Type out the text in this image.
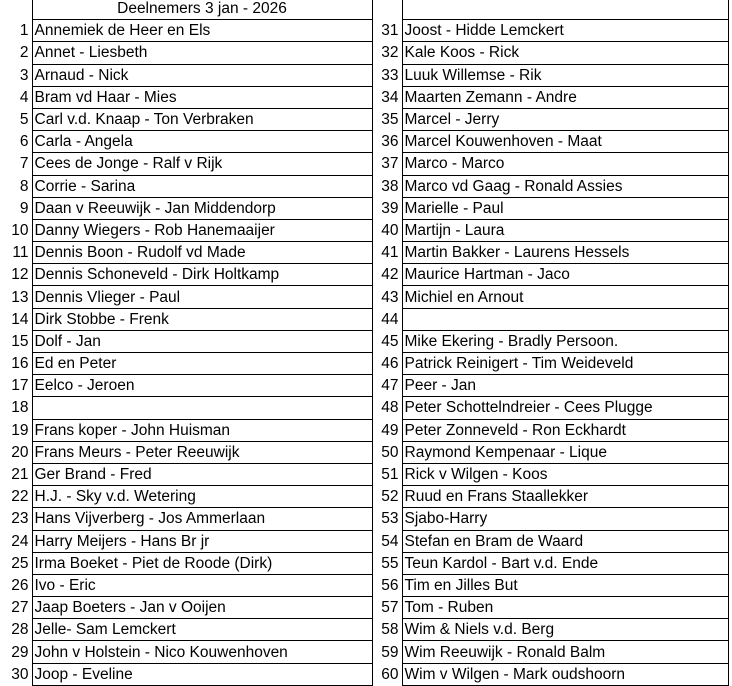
	Deelnemers 3 jan - 2026		
1	Annemiek de Heer en Els	31	Joost - Hidde Lemckert
2	Annet - Liesbeth	32	Kale Koos - Rick
3	Arnaud - Nick	33	Luuk Willemse - Rik
4	Bram vd Haar - Mies	34	Maarten Zemann - Andre
5	Carl v.d. Knaap - Ton Verbraken	35	Marcel - Jerry
6	Carla - Angela	36	Marcel Kouwenhoven - Maat
7	Cees de Jonge - Ralf v Rijk	37	Marco - Marco
8	Corrie - Sarina	38	Marco vd Gaag - Ronald Assies
9	Daan v Reeuwijk - Jan Middendorp	39	Marielle - Paul
10	Danny Wiegers - Rob Hanemaaijer	40	Martijn - Laura
11	Dennis Boon - Rudolf vd Made	41	Martin Bakker - Laurens Hessels
12	Dennis Schoneveld - Dirk Holtkamp	42	Maurice Hartman - Jaco
13	Dennis Vlieger - Paul	43	Michiel en Arnout
14	Dirk Stobbe - Frenk	44	
15	Dolf - Jan	45	Mike Ekering - Bradly Persoon.
16	Ed en Peter	46	Patrick Reinigert - Tim Weideveld
17	Eelco - Jeroen	47	Peer - Jan
18		48	Peter Schottelndreier - Cees Plugge
19	Frans koper - John Huisman	49	Peter Zonneveld - Ron Eckhardt
20	Frans Meurs - Peter Reeuwijk	50	Raymond Kempenaar - Lique
21	Ger Brand - Fred	51	Rick v Wilgen - Koos
22	H.J. - Sky v.d. Wetering	52	Ruud en Frans Staallekker
23	Hans Vijverberg - Jos Ammerlaan	53	Sjabo-Harry
24	Harry Meijers - Hans Br jr	54	Stefan en Bram de Waard
25	Irma Boeket - Piet de Roode (Dirk)	55	Teun Kardol - Bart v.d. Ende
26	Ivo - Eric	56	Tim en Jilles But
27	Jaap Boeters - Jan v Ooijen	57	Tom - Ruben
28	Jelle- Sam Lemckert	58	Wim & Niels v.d. Berg
29	John v Holstein - Nico Kouwenhoven	59	Wim Reeuwijk - Ronald Balm
30	Joop - Eveline	60	Wim v Wilgen - Mark oudshoorn
